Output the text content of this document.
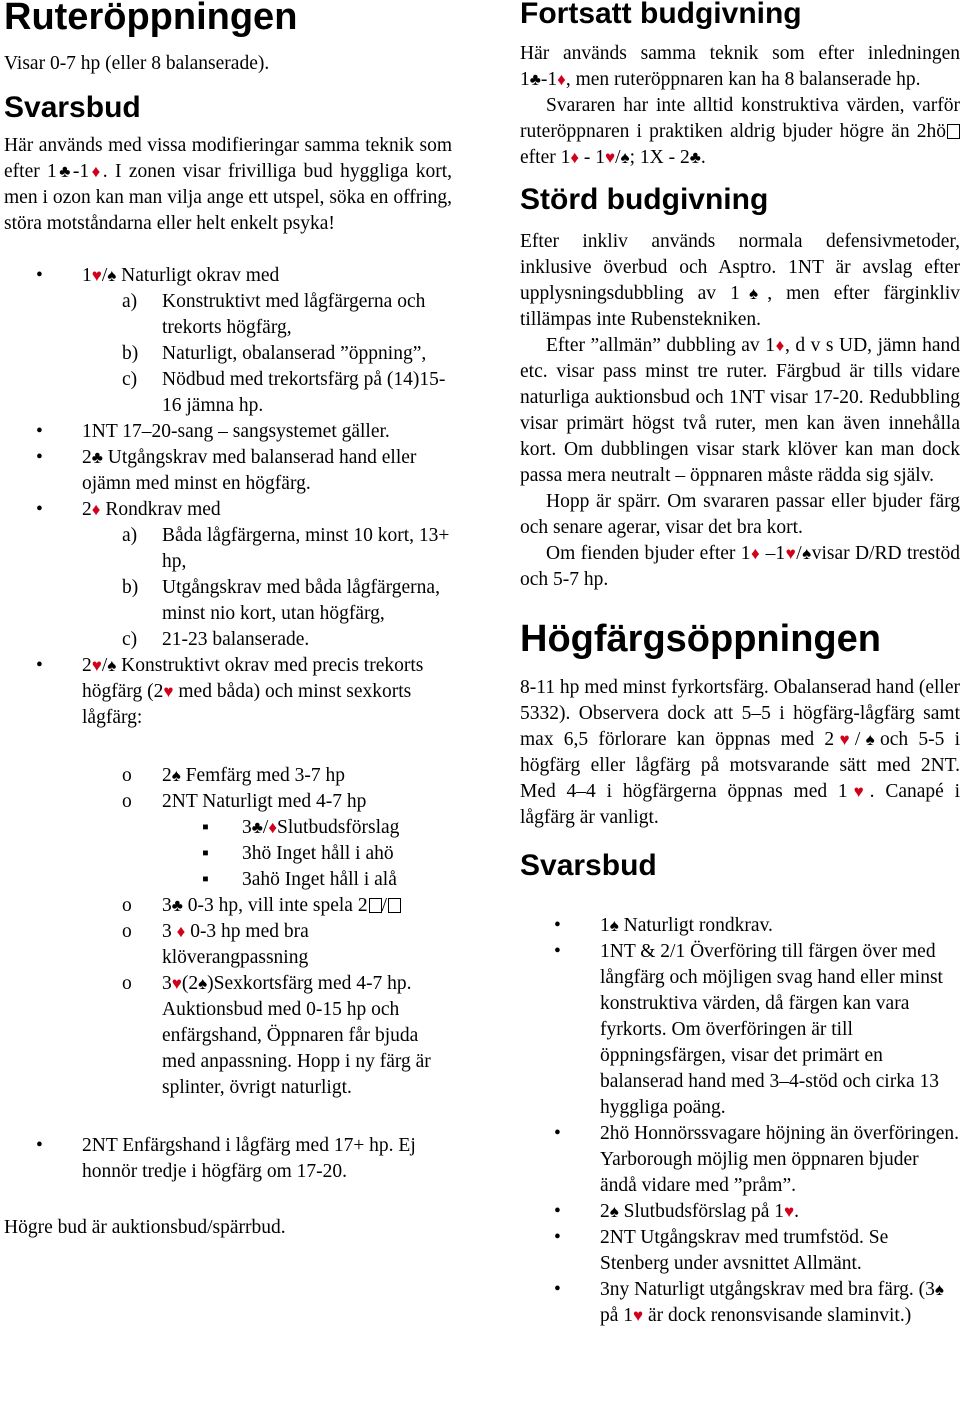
Ruteröppningen

Visar 0-7 hp (eller 8 balanserade).

Svarsbud

Här används med vissa modifieringar samma teknik som efter 1♣-1♦. I zonen visar frivilliga bud hyggliga kort, men i ozon kan man vilja ange ett utspel, söka en offring, störa motståndarna eller helt enkelt psyka!

• 1♥/♠ Naturligt okrav med

a) Konstruktivt med lågfärgerna och trekorts högfärg,

b) Naturligt, obalanserad ”öppning”,

c) Nödbud med trekortsfärg på (14)15-16 jämna hp.

• 1NT 17–20-sang – sangsystemet gäller.

• 2♣ Utgångskrav med balanserad hand eller ojämn med minst en högfärg.

• 2♦ Rondkrav med

a) Båda lågfärgerna, minst 10 kort, 13+ hp,

b) Utgångskrav med båda lågfärgerna, minst nio kort, utan högfärg,

c) 21-23 balanserade.

• 2♥/♠ Konstruktivt okrav med precis trekorts högfärg (2♥ med båda) och minst sexkorts lågfärg:

o 2♠ Femfärg med 3-7 hp

o 2NT Naturligt med 4-7 hp

▪ 3♣/♦Slutbudsförslag

▪ 3hö Inget håll i ahö

▪ 3ahö Inget håll i alå

o 3♣ 0-3 hp, vill inte spela 2 /

o 3 ♦ 0-3 hp med bra klöverangpassning

o 3♥(2♠)Sexkortsfärg med 4-7 hp. Auktionsbud med 0-15 hp och enfärgshand, Öppnaren får bjuda med anpassning. Hopp i ny färg är splinter, övrigt naturligt.

• 2NT Enfärgshand i lågfärg med 17+ hp. Ej honnör tredje i högfärg om 17-20.

Högre bud är auktionsbud/spärrbud.

Fortsatt budgivning

Här används samma teknik som efter inledningen 1♣-1♦, men ruteröppnaren kan ha 8 balanserade hp.

Svararen har inte alltid konstruktiva värden, varför ruteröppnaren i praktiken aldrig bjuder högre än 2höefter 1♦ - 1♥/♠; 1X - 2♣.

Störd budgivning

Efter inkliv används normala defensivmetoder, inklusive överbud och Asptro. 1NT är avslag efter upplysningsdubbling av 1♠, men efter färginkliv tillämpas inte Rubenstekniken.

Efter ”allmän” dubbling av 1♦, d v s UD, jämn hand etc. visar pass minst tre ruter. Färgbud är tills vidare naturliga auktionsbud och 1NT visar 17-20. Redubbling visar primärt högst två ruter, men kan även innehålla kort. Om dubblingen visar stark klöver kan man dock passa mera neutralt – öppnaren måste rädda sig själv.

Hopp är spärr. Om svararen passar eller bjuder färg och senare agerar, visar det bra kort.

Om fienden bjuder efter 1♦ –1♥/♠visar D/RD trestöd och 5-7 hp.

Högfärgsöppningen

8-11 hp med minst fyrkortsfärg. Obalanserad hand (eller 5332). Observera dock att 5–5 i högfärg-lågfärg samt max 6,5 förlorare kan öppnas med 2♥/♠och 5-5 i högfärg eller lågfärg på motsvarande sätt med 2NT. Med 4–4 i högfärgerna öppnas med 1♥. Canapé i lågfärg är vanligt.

Svarsbud

• 1♠ Naturligt rondkrav.

• 1NT & 2/1 Överföring till färgen över med långfärg och möjligen svag hand eller minst konstruktiva värden, då färgen kan vara fyrkorts. Om överföringen är till öppningsfärgen, visar det primärt en balanserad hand med 3–4-stöd och cirka 13 hyggliga poäng.

• 2hö Honnörssvagare höjning än överföringen. Yarborough möjlig men öppnaren bjuder ändå vidare med ”pråm”.

• 2♠ Slutbudsförslag på 1♥.

• 2NT Utgångskrav med trumfstöd. Se Stenberg under avsnittet Allmänt.

• 3ny Naturligt utgångskrav med bra färg. (3♠ på 1♥ är dock renonsvisande slaminvit.)
